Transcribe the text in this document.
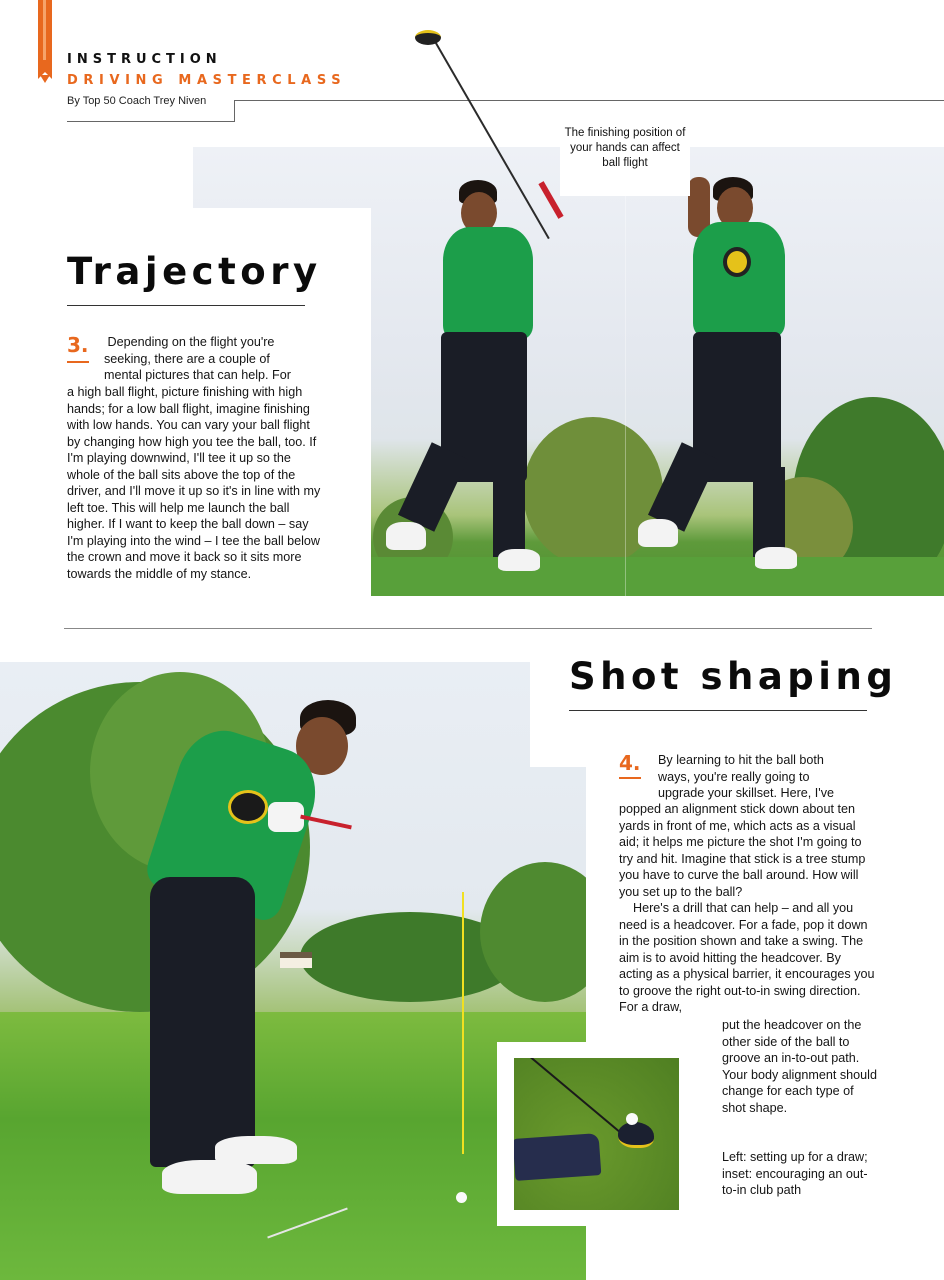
INSTRUCTION
DRIVING MASTERCLASS
By Top 50 Coach Trey Niven
The finishing position of your hands can affect ball flight
Trajectory
3. Depending on the flight you're
seeking, there are a couple of
mental pictures that can help. For

a high ball flight, picture finishing with high hands; for a low ball flight, imagine finishing with low hands. You can vary your ball flight by changing how high you tee the ball, too. If I'm playing downwind, I'll tee it up so the whole of the ball sits above the top of the driver, and I'll move it up so it's in line with my left toe. This will help me launch the ball higher. If I want to keep the ball down – say I'm playing into the wind – I tee the ball below the crown and move it back so it sits more towards the middle of my stance.

Shot shaping
4. By learning to hit the ball both
ways, you're really going to
upgrade your skillset. Here, I've

popped an alignment stick down about ten yards in front of me, which acts as a visual aid; it helps me picture the shot I'm going to try and hit. Imagine that stick is a tree stump you have to curve the ball around. How will you set up to the ball?

Here's a drill that can help – and all you need is a headcover. For a fade, pop it down in the position shown and take a swing. The aim is to avoid hitting the headcover. By acting as a physical barrier, it encourages you to groove the right out-to-in swing direction. For a draw,

put the headcover on the other side of the ball to groove an in-to-out path. Your body alignment should change for each type of shot shape.

Left: setting up for a draw; inset: encouraging an out-to-in club path
